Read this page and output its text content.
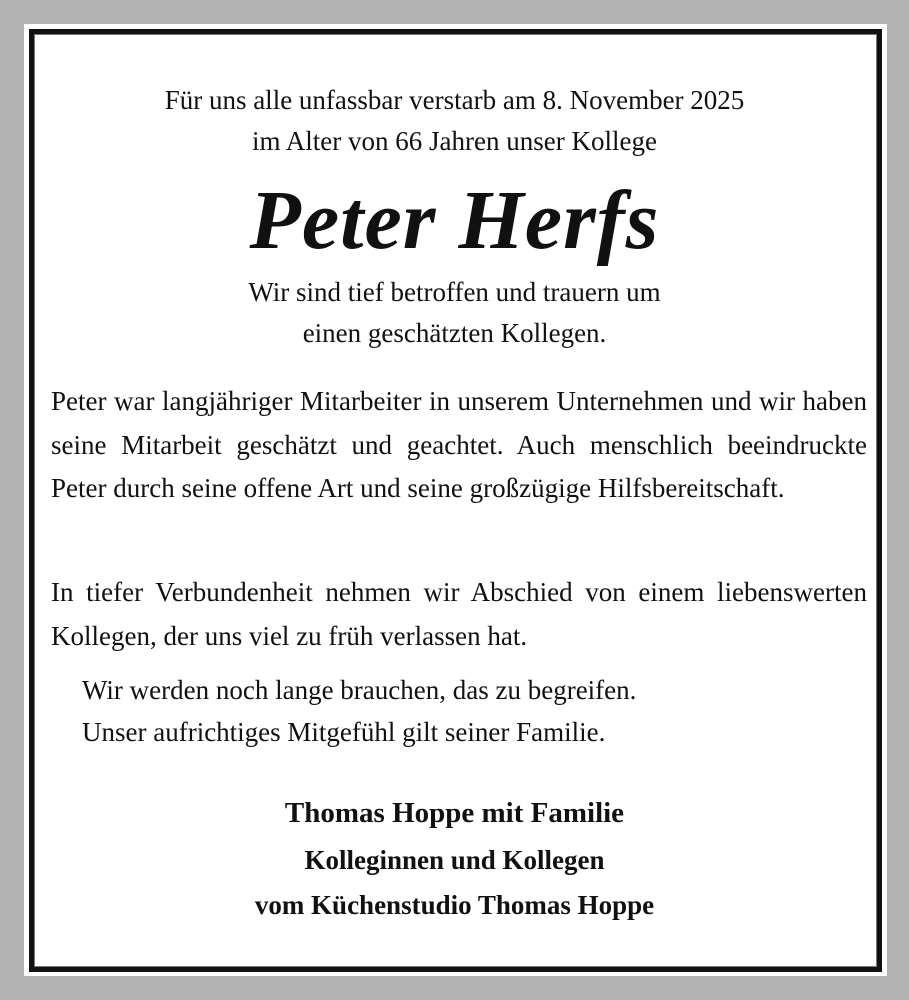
Für uns alle unfassbar verstarb am 8. November 2025
im Alter von 66 Jahren unser Kollege
Peter Herfs
Wir sind tief betroffen und trauern um
einen geschätzten Kollegen.
Peter war langjähriger Mitarbeiter in unserem Unternehmen und wir haben seine Mitarbeit geschätzt und geachtet. Auch menschlich beeindruckte Peter durch seine offene Art und seine großzügige Hilfsbereitschaft.
In tiefer Verbundenheit nehmen wir Abschied von einem liebenswerten Kollegen, der uns viel zu früh verlassen hat.
Wir werden noch lange brauchen, das zu begreifen.
Unser aufrichtiges Mitgefühl gilt seiner Familie.
Thomas Hoppe mit Familie
Kolleginnen und Kollegen
vom Küchenstudio Thomas Hoppe
